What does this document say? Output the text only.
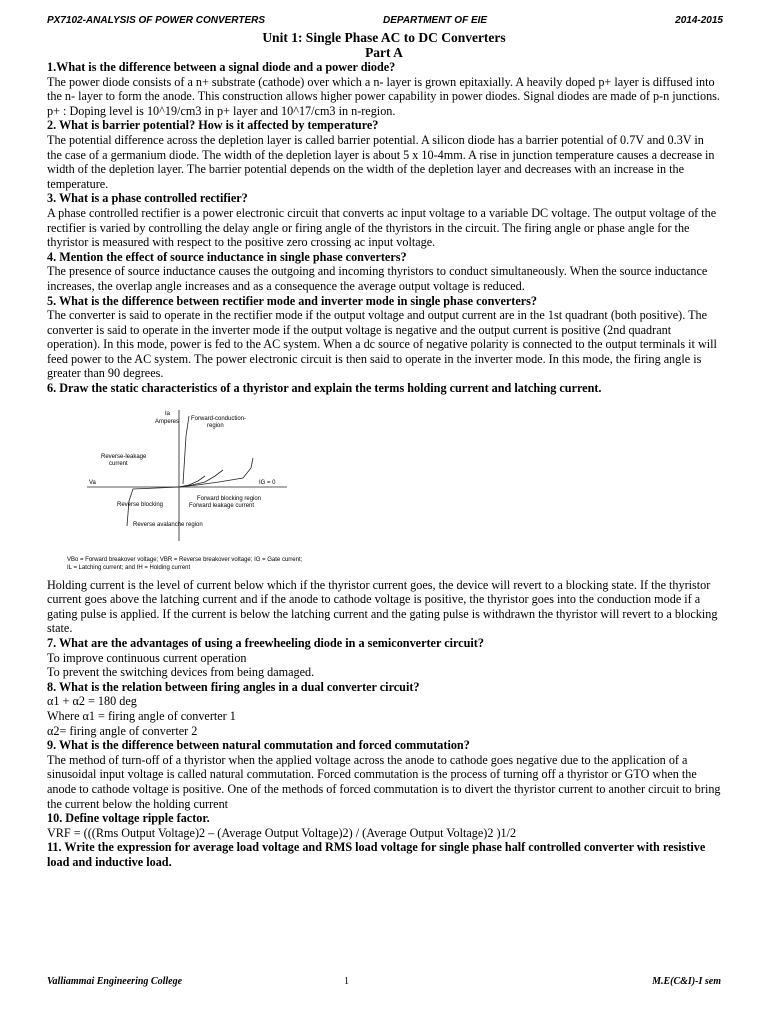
PX7102-ANALYSIS OF POWER CONVERTERS	DEPARTMENT OF EIE	2014-2015
Unit 1: Single Phase AC to DC Converters
Part A
1.What is the difference between a signal diode and a power diode?

The power diode consists of a n+ substrate (cathode) over which a n- layer is grown epitaxially. A heavily doped p+ layer is diffused into the n- layer to form the anode. This construction allows higher power capability in power diodes. Signal diodes are made of p-n junctions. p+ : Doping level is 10^19/cm3 in p+ layer and 10^17/cm3 in n-region.

2. What is barrier potential? How is it affected by temperature?

The potential difference across the depletion layer is called barrier potential. A silicon diode has a barrier potential of 0.7V and 0.3V in the case of a germanium diode. The width of the depletion layer is about 5 x 10-4mm. A rise in junction temperature causes a decrease in width of the depletion layer. The barrier potential depends on the width of the depletion layer and decreases with an increase in the temperature.

3. What is a phase controlled rectifier?

A phase controlled rectifier is a power electronic circuit that converts ac input voltage to a variable DC voltage. The output voltage of the rectifier is varied by controlling the delay angle or firing angle of the thyristors in the circuit. The firing angle or phase angle for the thyristor is measured with respect to the positive zero crossing ac input voltage.

4. Mention the effect of source inductance in single phase converters?

The presence of source inductance causes the outgoing and incoming thyristors to conduct simultaneously. When the source inductance increases, the overlap angle increases and as a consequence the average output voltage is reduced.

5. What is the difference between rectifier mode and inverter mode in single phase converters?

The converter is said to operate in the rectifier mode if the output voltage and output current are in the 1st quadrant (both positive). The converter is said to operate in the inverter mode if the output voltage is negative and the output current is positive (2nd quadrant operation). In this mode, power is fed to the AC system. When a dc source of negative polarity is connected to the output terminals it will feed power to the AC system. The power electronic circuit is then said to operate in the inverter mode. In this mode, the firing angle is greater than 90 degrees.

6. Draw the static characteristics of a thyristor and explain the terms holding current and latching current.
Ia
Amperes Forward-conduction-
region
Reverse-leakage
current
Forward blocking region
Forward leakage current
Reverse blocking
Reverse avalanche region
Va	IG = 0
VBo = Forward breakover voltage; VBR = Reverse breakover voltage; IG = Gate current;
IL = Latching current; and IH = Holding current

Holding current is the level of current below which if the thyristor current goes, the device will revert to a blocking state. If the thyristor current goes above the latching current and if the anode to cathode voltage is positive, the thyristor goes into the conduction mode if a gating pulse is applied. If the current is below the latching current and the gating pulse is withdrawn the thyristor will revert to a blocking state.

7. What are the advantages of using a freewheeling diode in a semiconverter circuit?

To improve continuous current operation

To prevent the switching devices from being damaged.

8. What is the relation between firing angles in a dual converter circuit?

α1 + α2 = 180 deg

Where α1 = firing angle of converter 1

α2= firing angle of converter 2

9. What is the difference between natural commutation and forced commutation?

The method of turn-off of a thyristor when the applied voltage across the anode to cathode goes negative due to the application of a sinusoidal input voltage is called natural commutation. Forced commutation is the process of turning off a thyristor or GTO when the anode to cathode voltage is positive. One of the methods of forced commutation is to divert the thyristor current to another circuit to bring the current below the holding current

10. Define voltage ripple factor.

VRF = (((Rms Output Voltage)2 – (Average Output Voltage)2) / (Average Output Voltage)2 )1/2

11. Write the expression for average load voltage and RMS load voltage for single phase half controlled converter with resistive load and inductive load.
Valliammai Engineering College	1	M.E(C&I)-I sem
